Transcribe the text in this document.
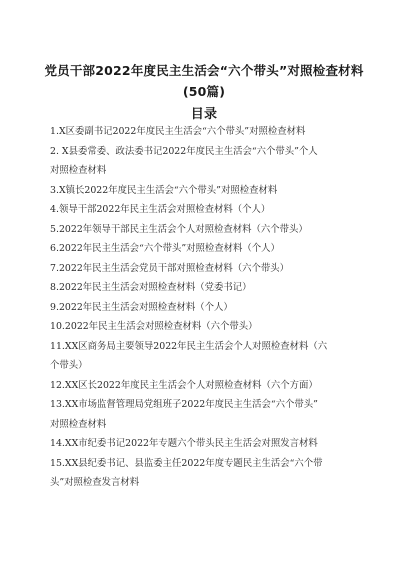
党员干部2022年度民主生活会“六个带头”对照检查材料
(50篇)
目录
1.X区委副书记2022年度民主生活会“六个带头”对照检查材料
2. X县委常委、政法委书记2022年度民主生活会“六个带头”个人
对照检查材料
3.X镇长2022年度民主生活会“六个带头”对照检查材料
4.领导干部2022年民主生活会对照检查材料（个人）
5.2022年领导干部民主生活会个人对照检查材料（六个带头）
6.2022年民主生活会“六个带头”对照检查材料（个人）
7.2022年民主生活会党员干部对照检查材料（六个带头）
8.2022年民主生活会对照检查材料（党委书记）
9.2022年民主生活会对照检查材料（个人）
10.2022年民主生活会对照检查材料（六个带头）
11.XX区商务局主要领导2022年民主生活会个人对照检查材料（六
个带头）
12.XX区长2022年度民主生活会个人对照检查材料（六个方面）
13.XX市场监督管理局党组班子2022年度民主生活会“六个带头”
对照检查材料
14.XX市纪委书记2022年专题六个带头民主生活会对照发言材料
15.XX县纪委书记、县监委主任2022年度专题民主生活会“六个带
头”对照检查发言材料
